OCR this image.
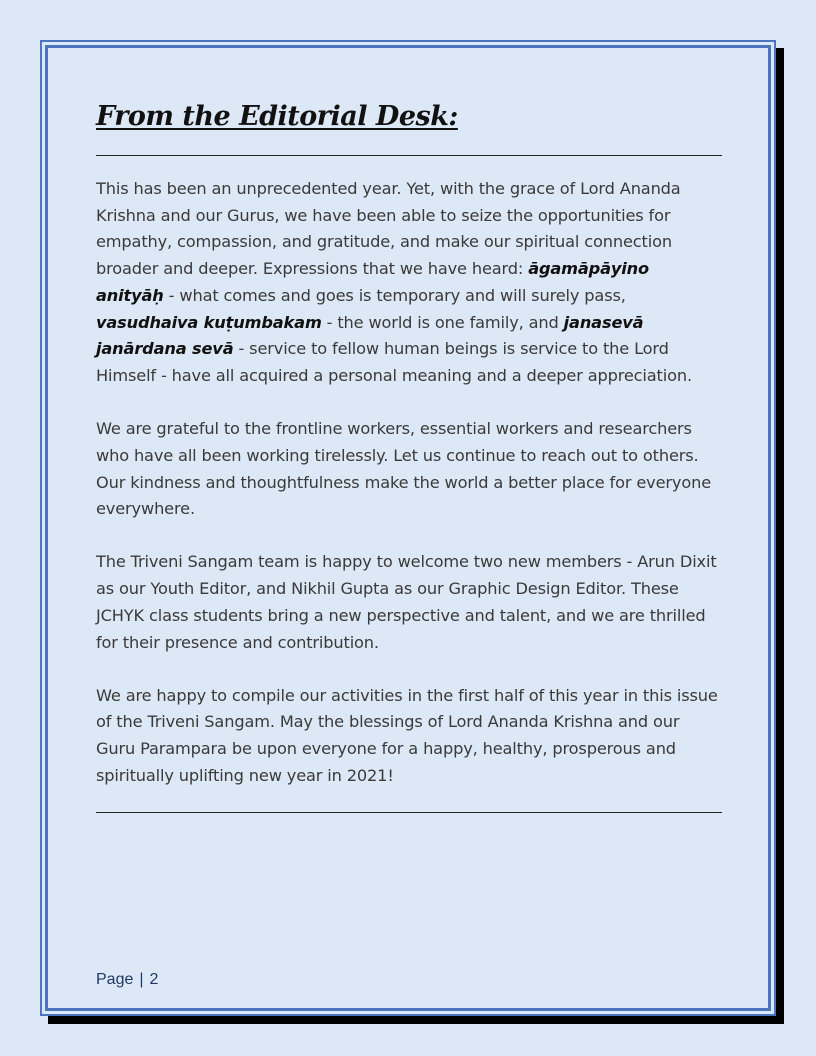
From the Editorial Desk:

This has been an unprecedented year. Yet, with the grace of Lord Ananda Krishna and our Gurus, we have been able to seize the opportunities for empathy, compassion, and gratitude, and make our spiritual connection broader and deeper. Expressions that we have heard: āgamāpāyino anityāḥ - what comes and goes is temporary and will surely pass, vasudhaiva kuṭumbakam - the world is one family, and janasevā janārdana sevā - service to fellow human beings is service to the Lord Himself - have all acquired a personal meaning and a deeper appreciation.

We are grateful to the frontline workers, essential workers and researchers who have all been working tirelessly. Let us continue to reach out to others. Our kindness and thoughtfulness make the world a better place for everyone everywhere.

The Triveni Sangam team is happy to welcome two new members - Arun Dixit as our Youth Editor, and Nikhil Gupta as our Graphic Design Editor. These JCHYK class students bring a new perspective and talent, and we are thrilled for their presence and contribution.

We are happy to compile our activities in the first half of this year in this issue of the Triveni Sangam. May the blessings of Lord Ananda Krishna and our Guru Parampara be upon everyone for a happy, healthy, prosperous and spiritually uplifting new year in 2021!

Page | 2
